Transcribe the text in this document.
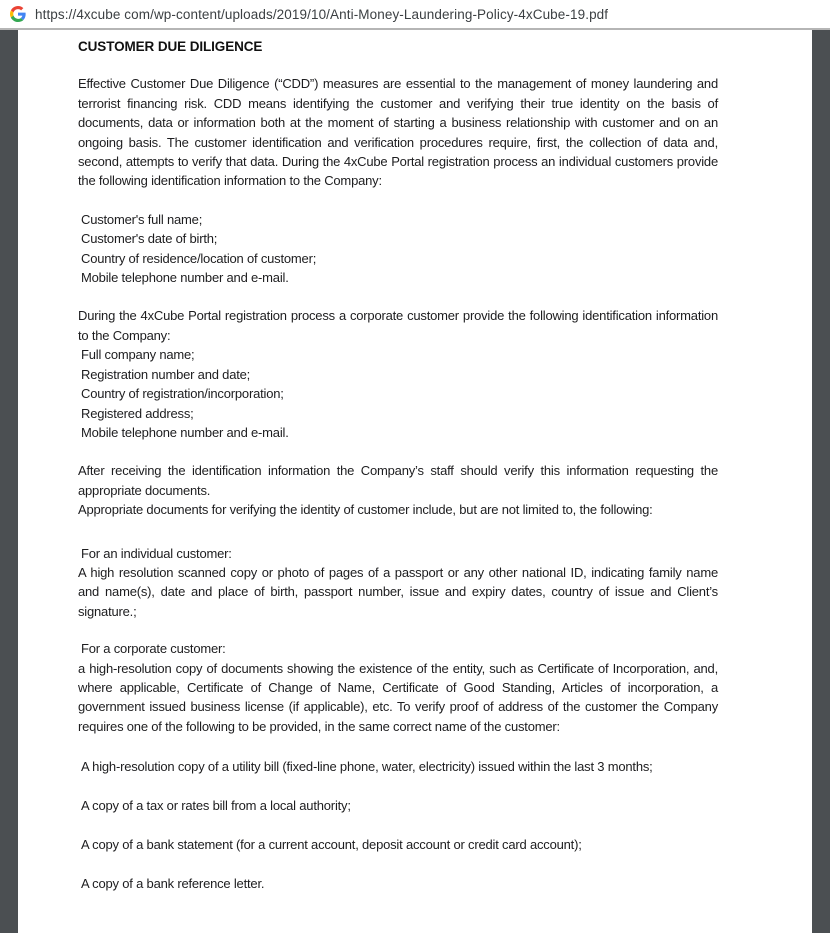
https://4xcube com/wp-content/uploads/2019/10/Anti-Money-Laundering-Policy-4xCube-19.pdf
CUSTOMER DUE DILIGENCE

Effective Customer Due Diligence (“CDD”) measures are essential to the management of money laundering and terrorist financing risk. CDD means identifying the customer and verifying their true identity on the basis of documents, data or information both at the moment of starting a business relationship with customer and on an ongoing basis. The customer identification and verification procedures require, first, the collection of data and, second, attempts to verify that data. During the 4xCube Portal registration process an individual customers provide the following identification information to the Company:

Customer's full name;
Customer's date of birth;
Country of residence/location of customer;
Mobile telephone number and e-mail.

During the 4xCube Portal registration process a corporate customer provide the following identification information to the Company:

Full company name;
Registration number and date;
Country of registration/incorporation;
Registered address;
Mobile telephone number and e-mail.
After receiving the identification information the Company’s staff should verify this information requesting the appropriate documents.
Appropriate documents for verifying the identity of customer include, but are not limited to, the following:
For an individual customer:
A high resolution scanned copy or photo of pages of a passport or any other national ID, indicating family name and name(s), date and place of birth, passport number, issue and expiry dates, country of issue and Client’s signature.;
For a corporate customer:
a high-resolution copy of documents showing the existence of the entity, such as Certificate of Incorporation, and, where applicable, Certificate of Change of Name, Certificate of Good Standing, Articles of incorporation, a government issued business license (if applicable), etc. To verify proof of address of the customer the Company requires one of the following to be provided, in the same correct name of the customer:
A high-resolution copy of a utility bill (fixed-line phone, water, electricity) issued within the last 3 months;
A copy of a tax or rates bill from a local authority;
A copy of a bank statement (for a current account, deposit account or credit card account);
A copy of a bank reference letter.
